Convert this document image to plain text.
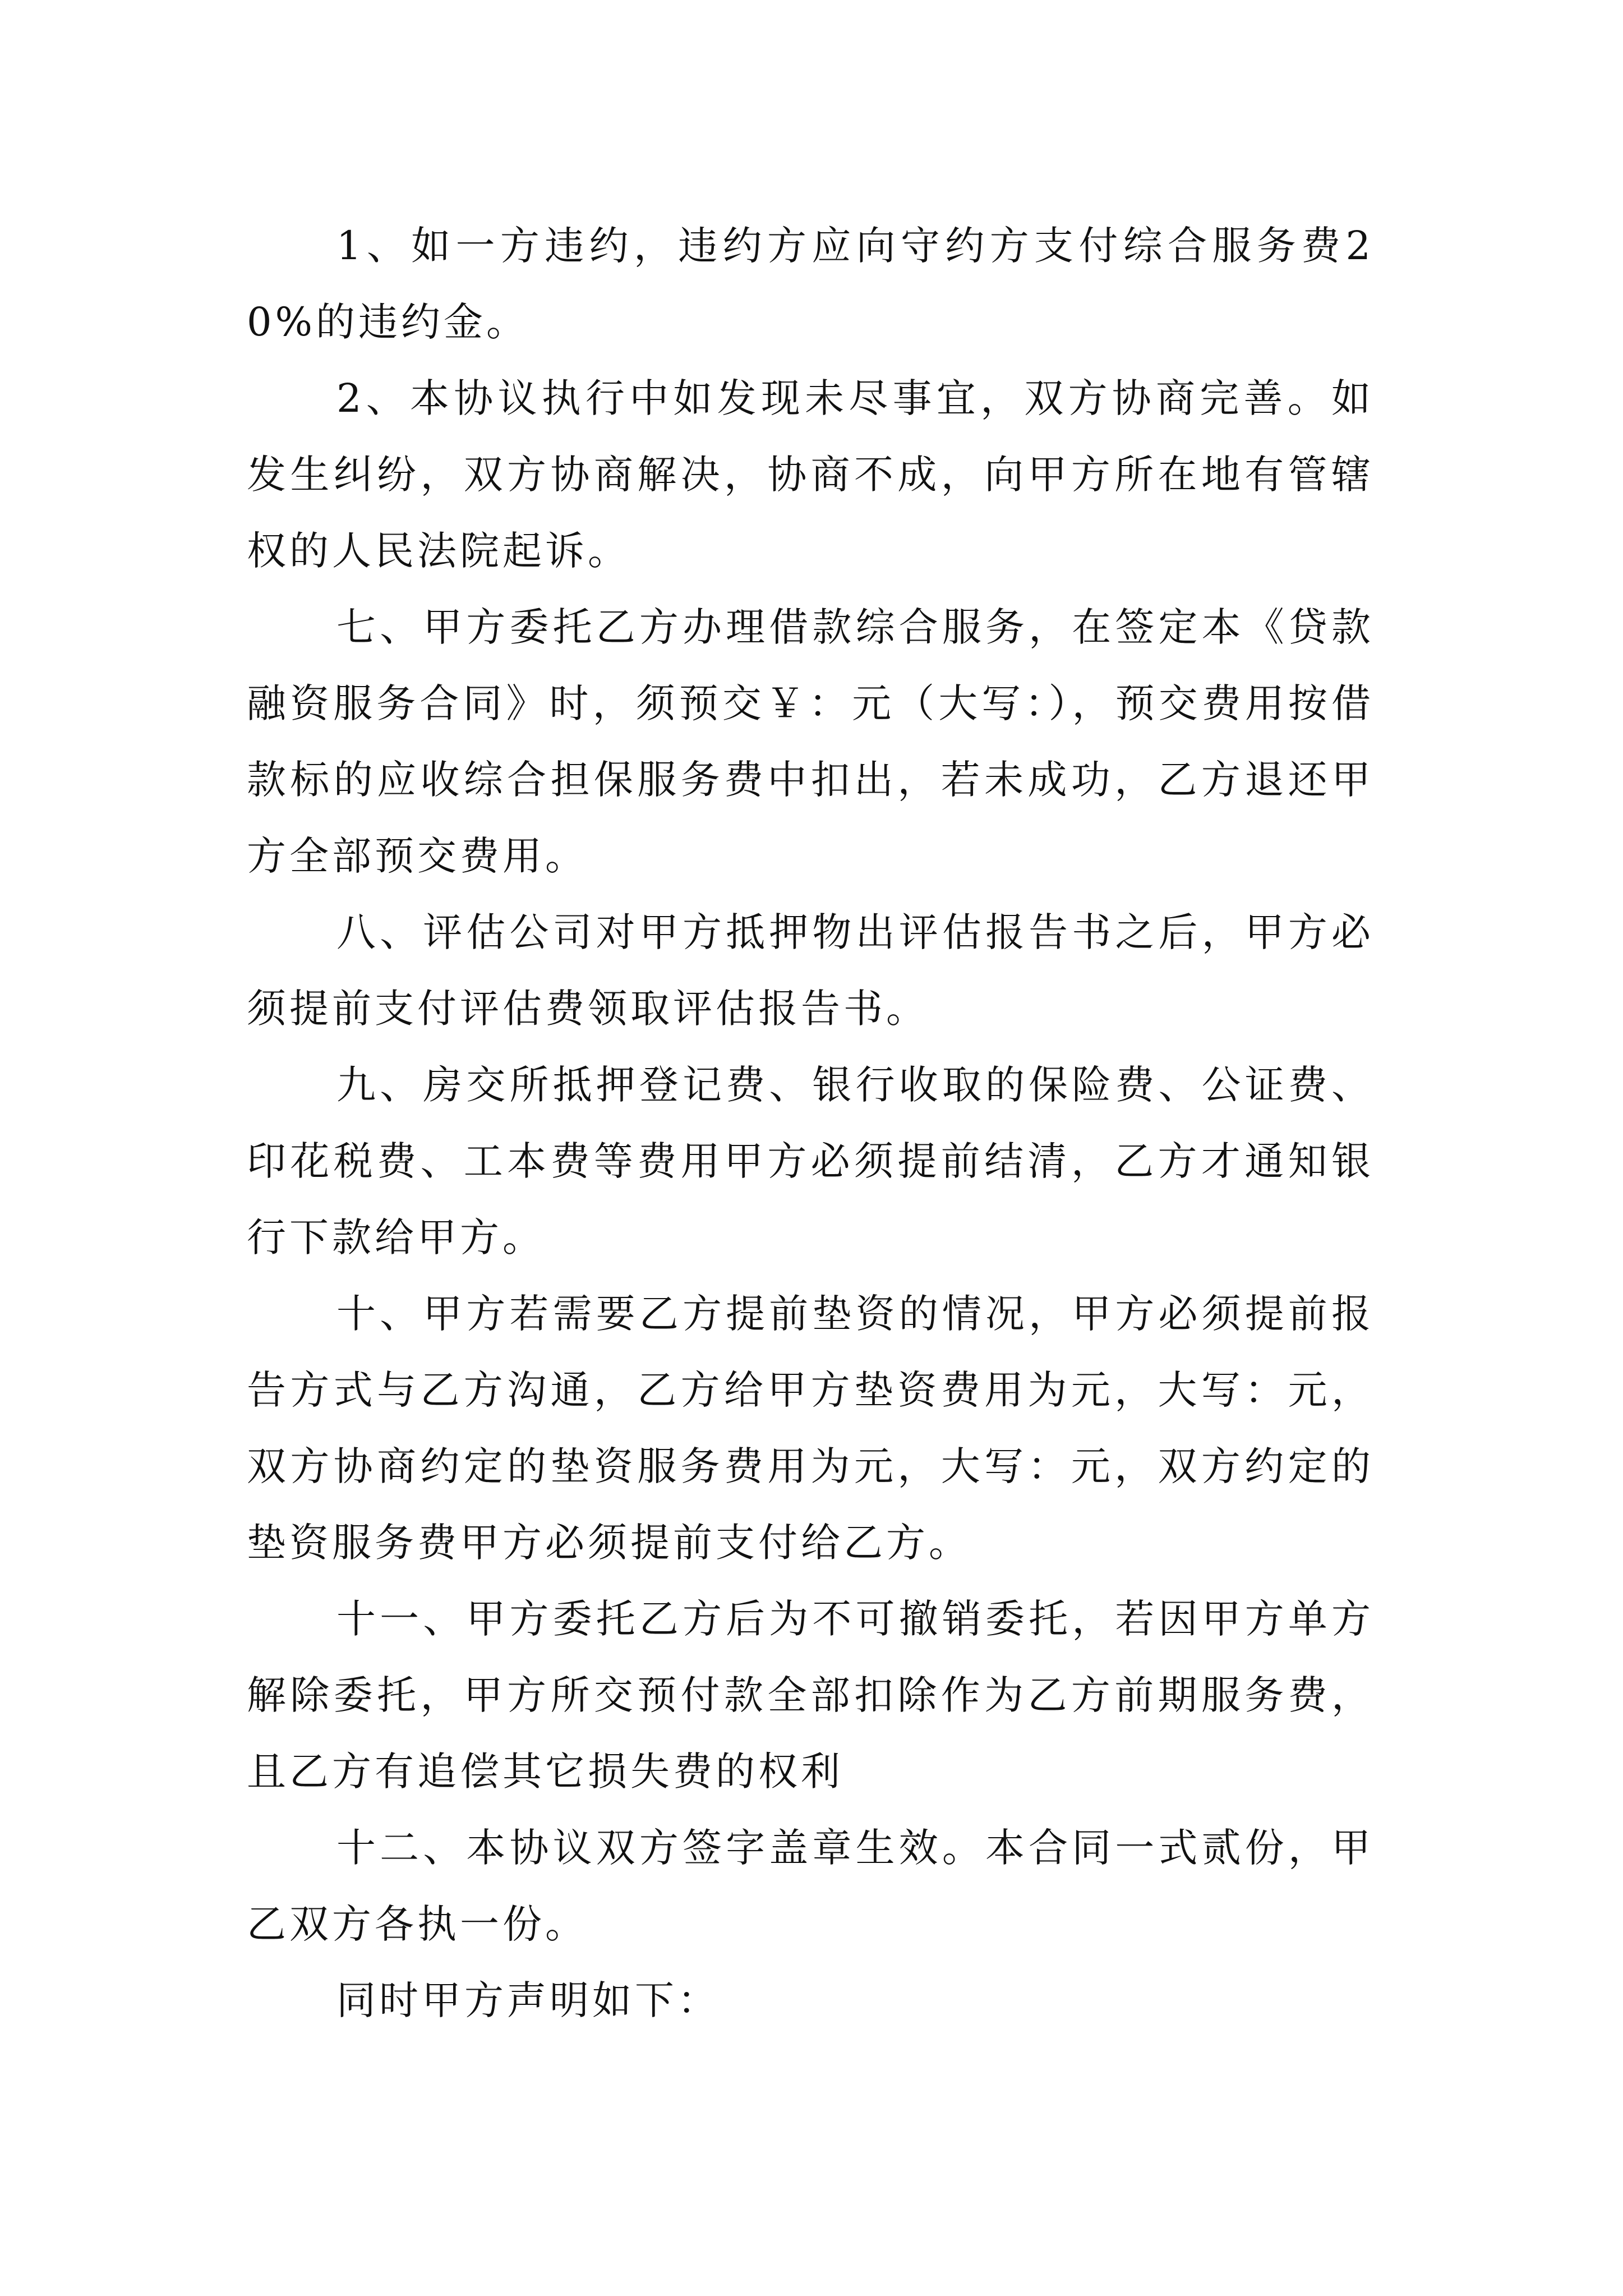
1、如一方违约，违约方应向守约方支付综合服务费20%的违约金。

2、本协议执行中如发现未尽事宜，双方协商完善。如发生纠纷，双方协商解决，协商不成，向甲方所在地有管辖权的人民法院起诉。

七、甲方委托乙方办理借款综合服务，在签定本《贷款融资服务合同》时，须预交￥：元（大写：），预交费用按借款标的应收综合担保服务费中扣出，若未成功，乙方退还甲方全部预交费用。

八、评估公司对甲方抵押物出评估报告书之后，甲方必须提前支付评估费领取评估报告书。

九、房交所抵押登记费、银行收取的保险费、公证费、印花税费、工本费等费用甲方必须提前结清，乙方才通知银行下款给甲方。

十、甲方若需要乙方提前垫资的情况，甲方必须提前报告方式与乙方沟通，乙方给甲方垫资费用为元，大写：元，双方协商约定的垫资服务费用为元，大写：元，双方约定的垫资服务费甲方必须提前支付给乙方。

十一、甲方委托乙方后为不可撤销委托，若因甲方单方解除委托，甲方所交预付款全部扣除作为乙方前期服务费，且乙方有追偿其它损失费的权利

十二、本协议双方签字盖章生效。本合同一式贰份，甲乙双方各执一份。

同时甲方声明如下：
